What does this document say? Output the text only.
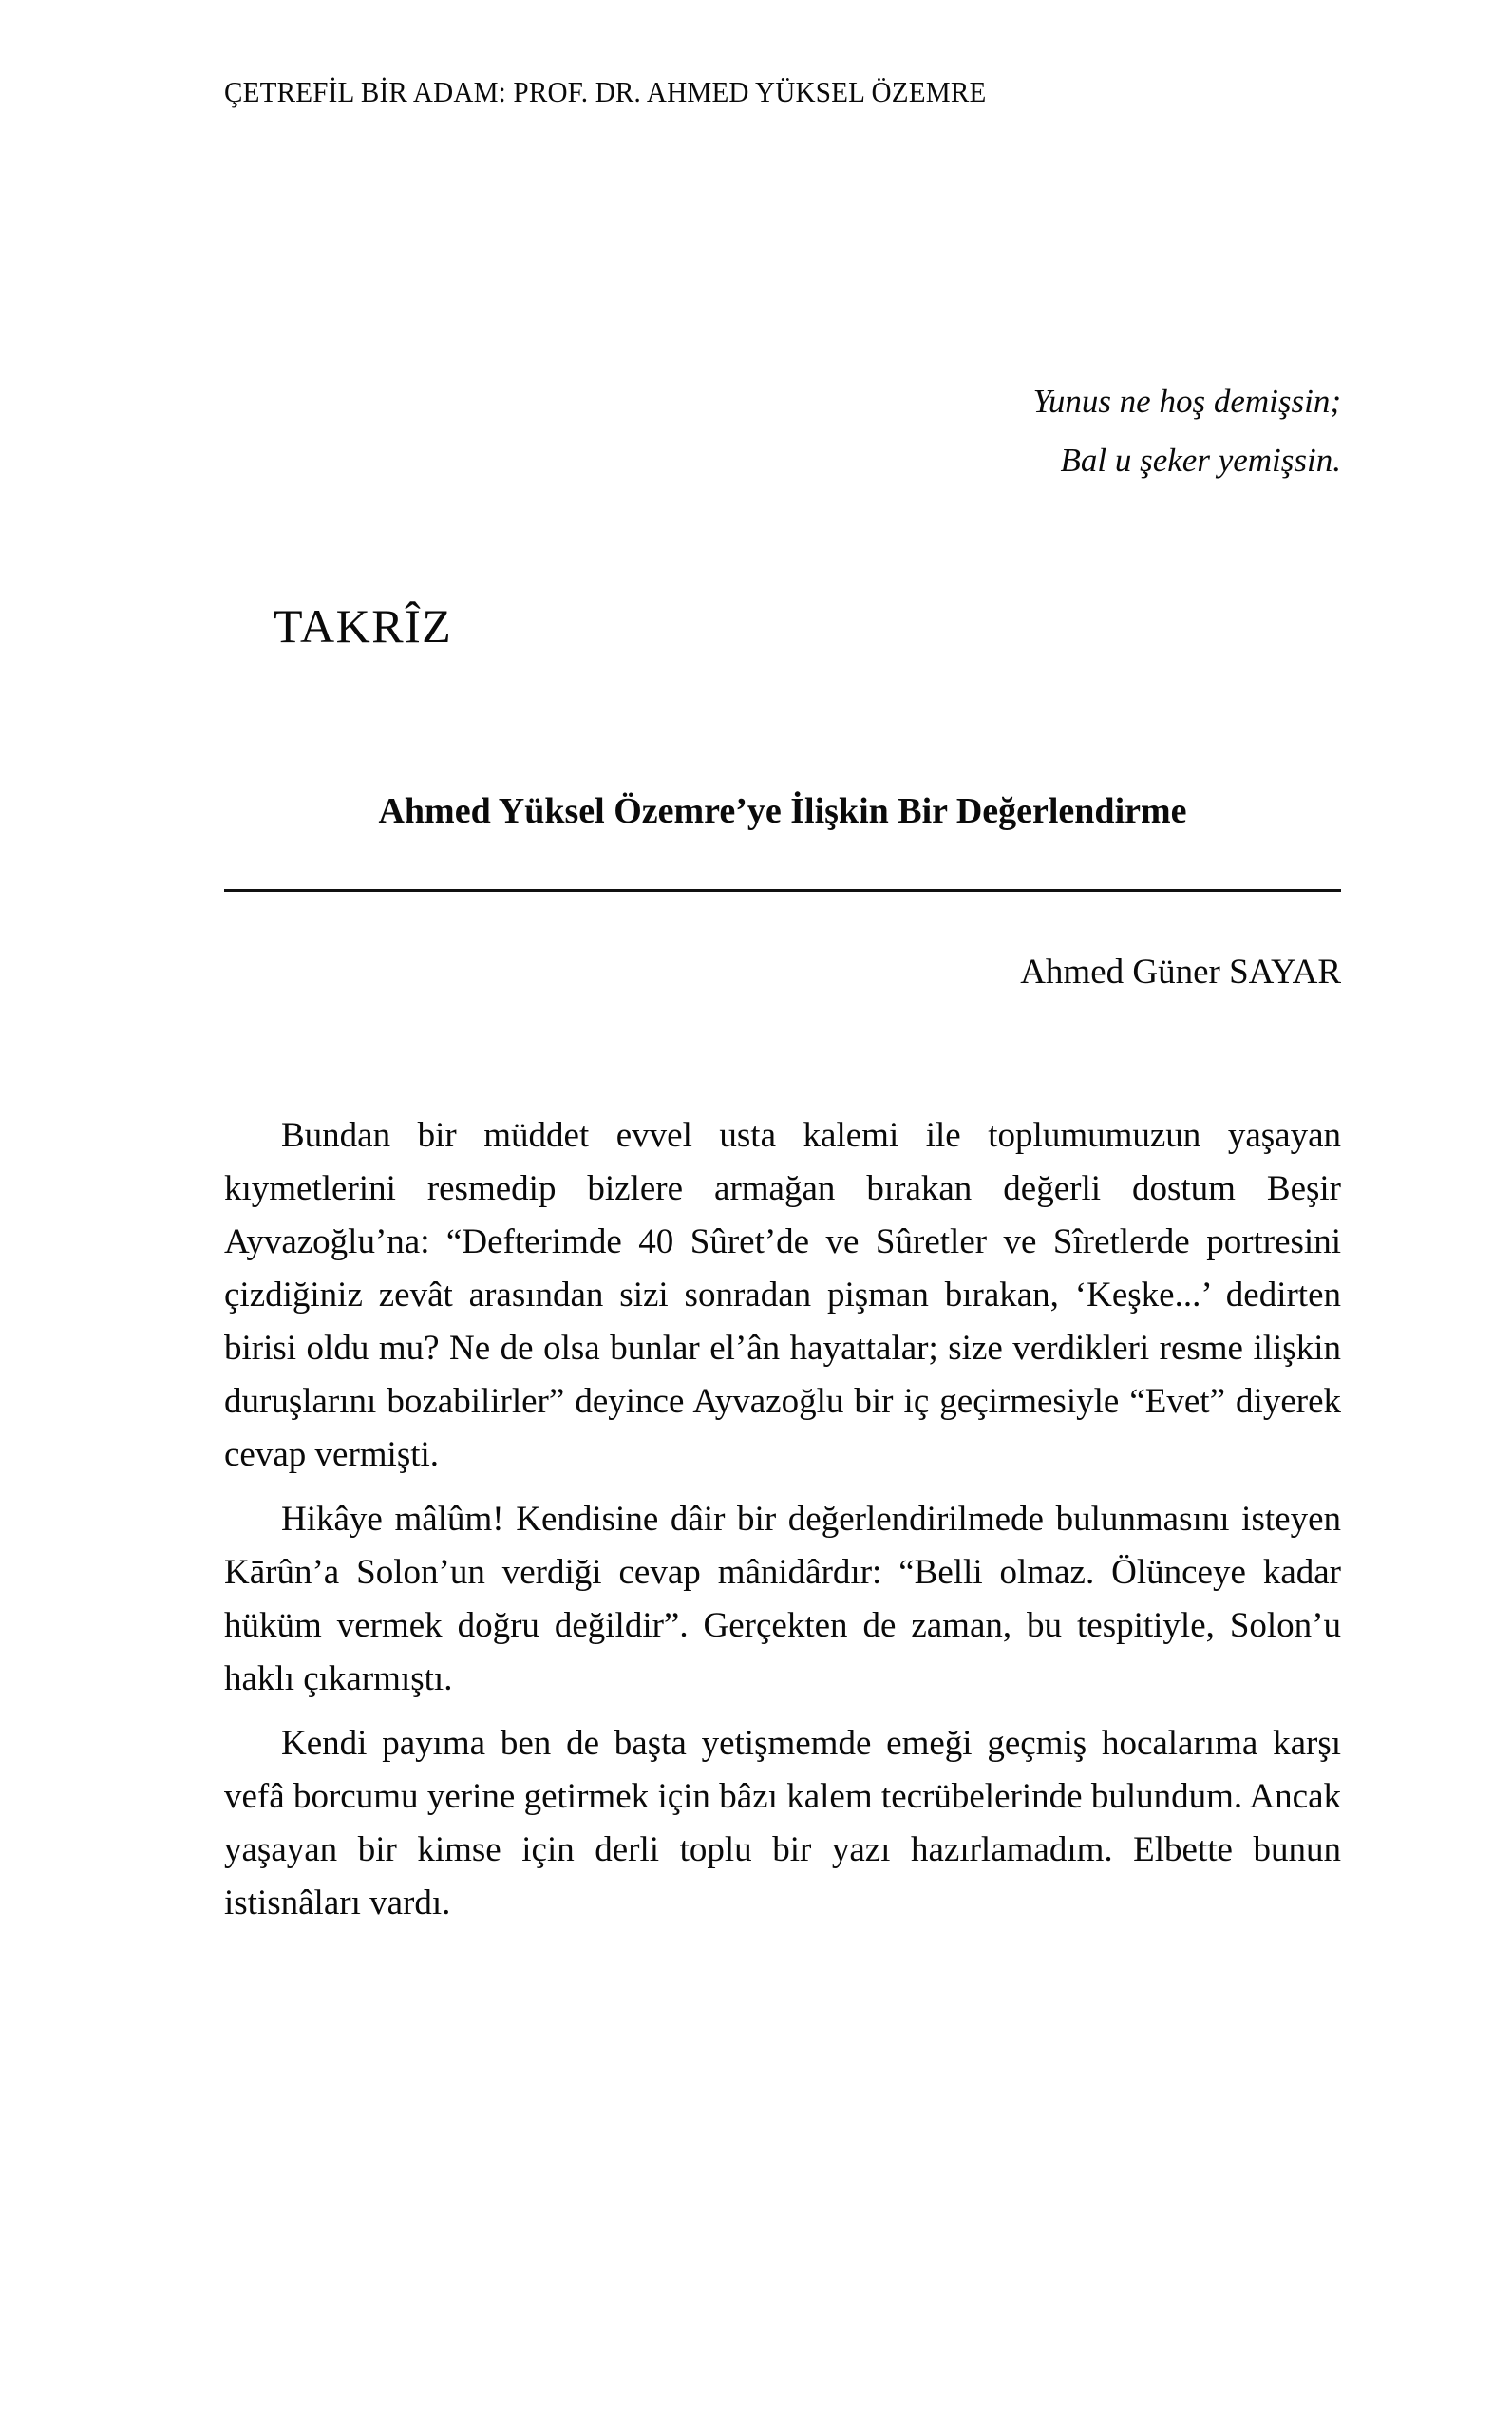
ÇETREFİL BİR ADAM: PROF. DR. AHMED YÜKSEL ÖZEMRE
Yunus ne hoş demişsin;
Bal u şeker yemişsin.
TAKRÎZ
Ahmed Yüksel Özemre’ye İlişkin Bir Değerlendirme
Ahmed Güner SAYAR

Bundan bir müddet evvel usta kalemi ile toplumumuzun yaşayan kıymetlerini resmedip bizlere armağan bırakan değerli dostum Beşir Ayvazoğlu’na: “Defterimde 40 Sûret’de ve Sûretler ve Sîretlerde portresini çizdiğiniz zevât arasından sizi sonradan pişman bırakan, ‘Keşke...’ dedirten birisi oldu mu? Ne de olsa bunlar el’ân hayattalar; size verdikleri resme ilişkin duruşlarını bozabilirler” deyince Ayvazoğlu bir iç geçirmesiyle “Evet” diyerek cevap vermişti.

Hikâye mâlûm! Kendisine dâir bir değerlendirilmede bulunmasını isteyen Kārûn’a Solon’un verdiği cevap mânidârdır: “Belli olmaz. Ölünceye kadar hüküm vermek doğru değildir”. Gerçekten de zaman, bu tespitiyle, Solon’u haklı çıkarmıştı.

Kendi payıma ben de başta yetişmemde emeği geçmiş hocalarıma karşı vefâ borcumu yerine getirmek için bâzı kalem tecrübelerinde bulundum. Ancak yaşayan bir kimse için derli toplu bir yazı hazırlamadım. Elbette bunun istisnâları vardı.
